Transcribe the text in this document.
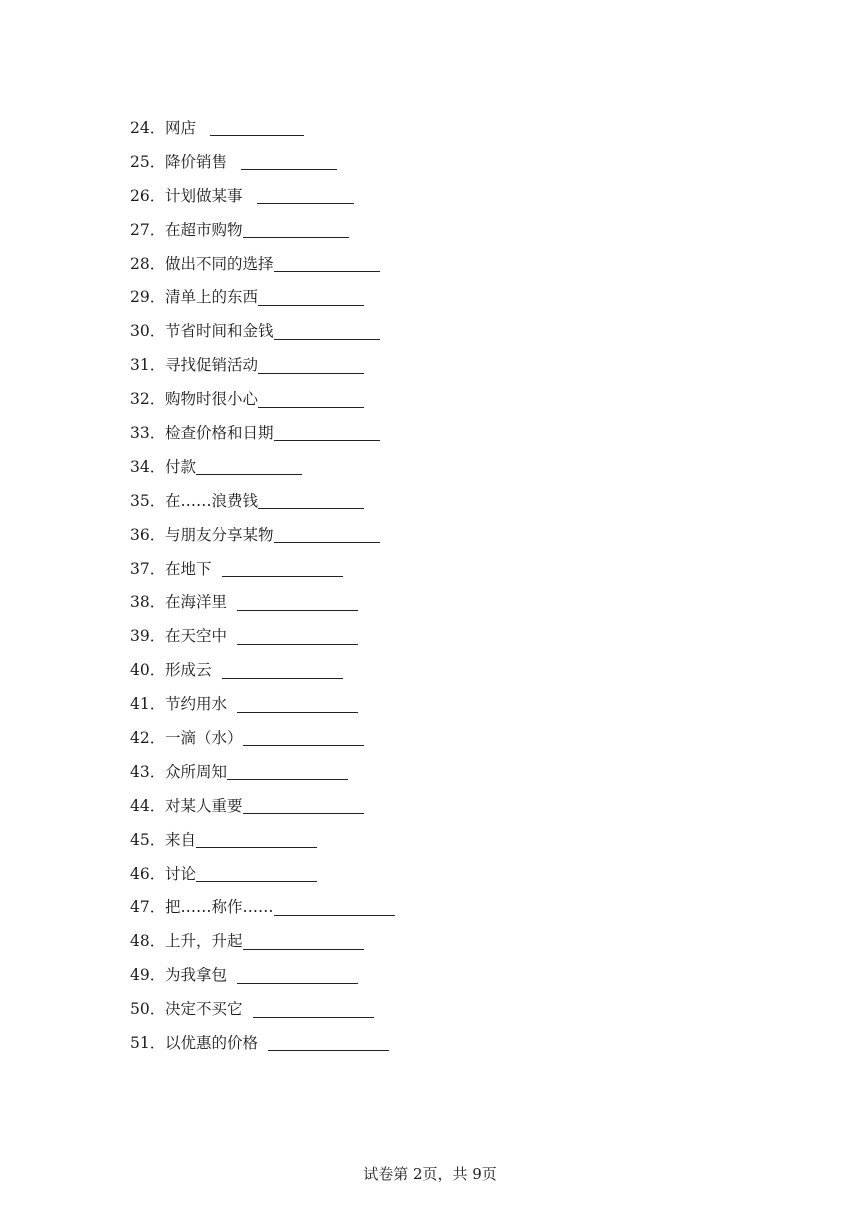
24． 网店
25． 降价销售
26． 计划做某事
27． 在超市购物
28． 做出不同的选择
29． 清单上的东西
30． 节省时间和金钱
31． 寻找促销活动
32． 购物时很小心
33． 检查价格和日期
34． 付款
35． 在……浪费钱
36． 与朋友分享某物
37． 在地下
38． 在海洋里
39． 在天空中
40． 形成云
41． 节约用水
42． 一滴（水）
43． 众所周知
44． 对某人重要
45． 来自
46． 讨论
47． 把……称作……
48． 上升，升起
49． 为我拿包
50． 决定不买它
51． 以优惠的价格
试卷第 2页，共 9页
